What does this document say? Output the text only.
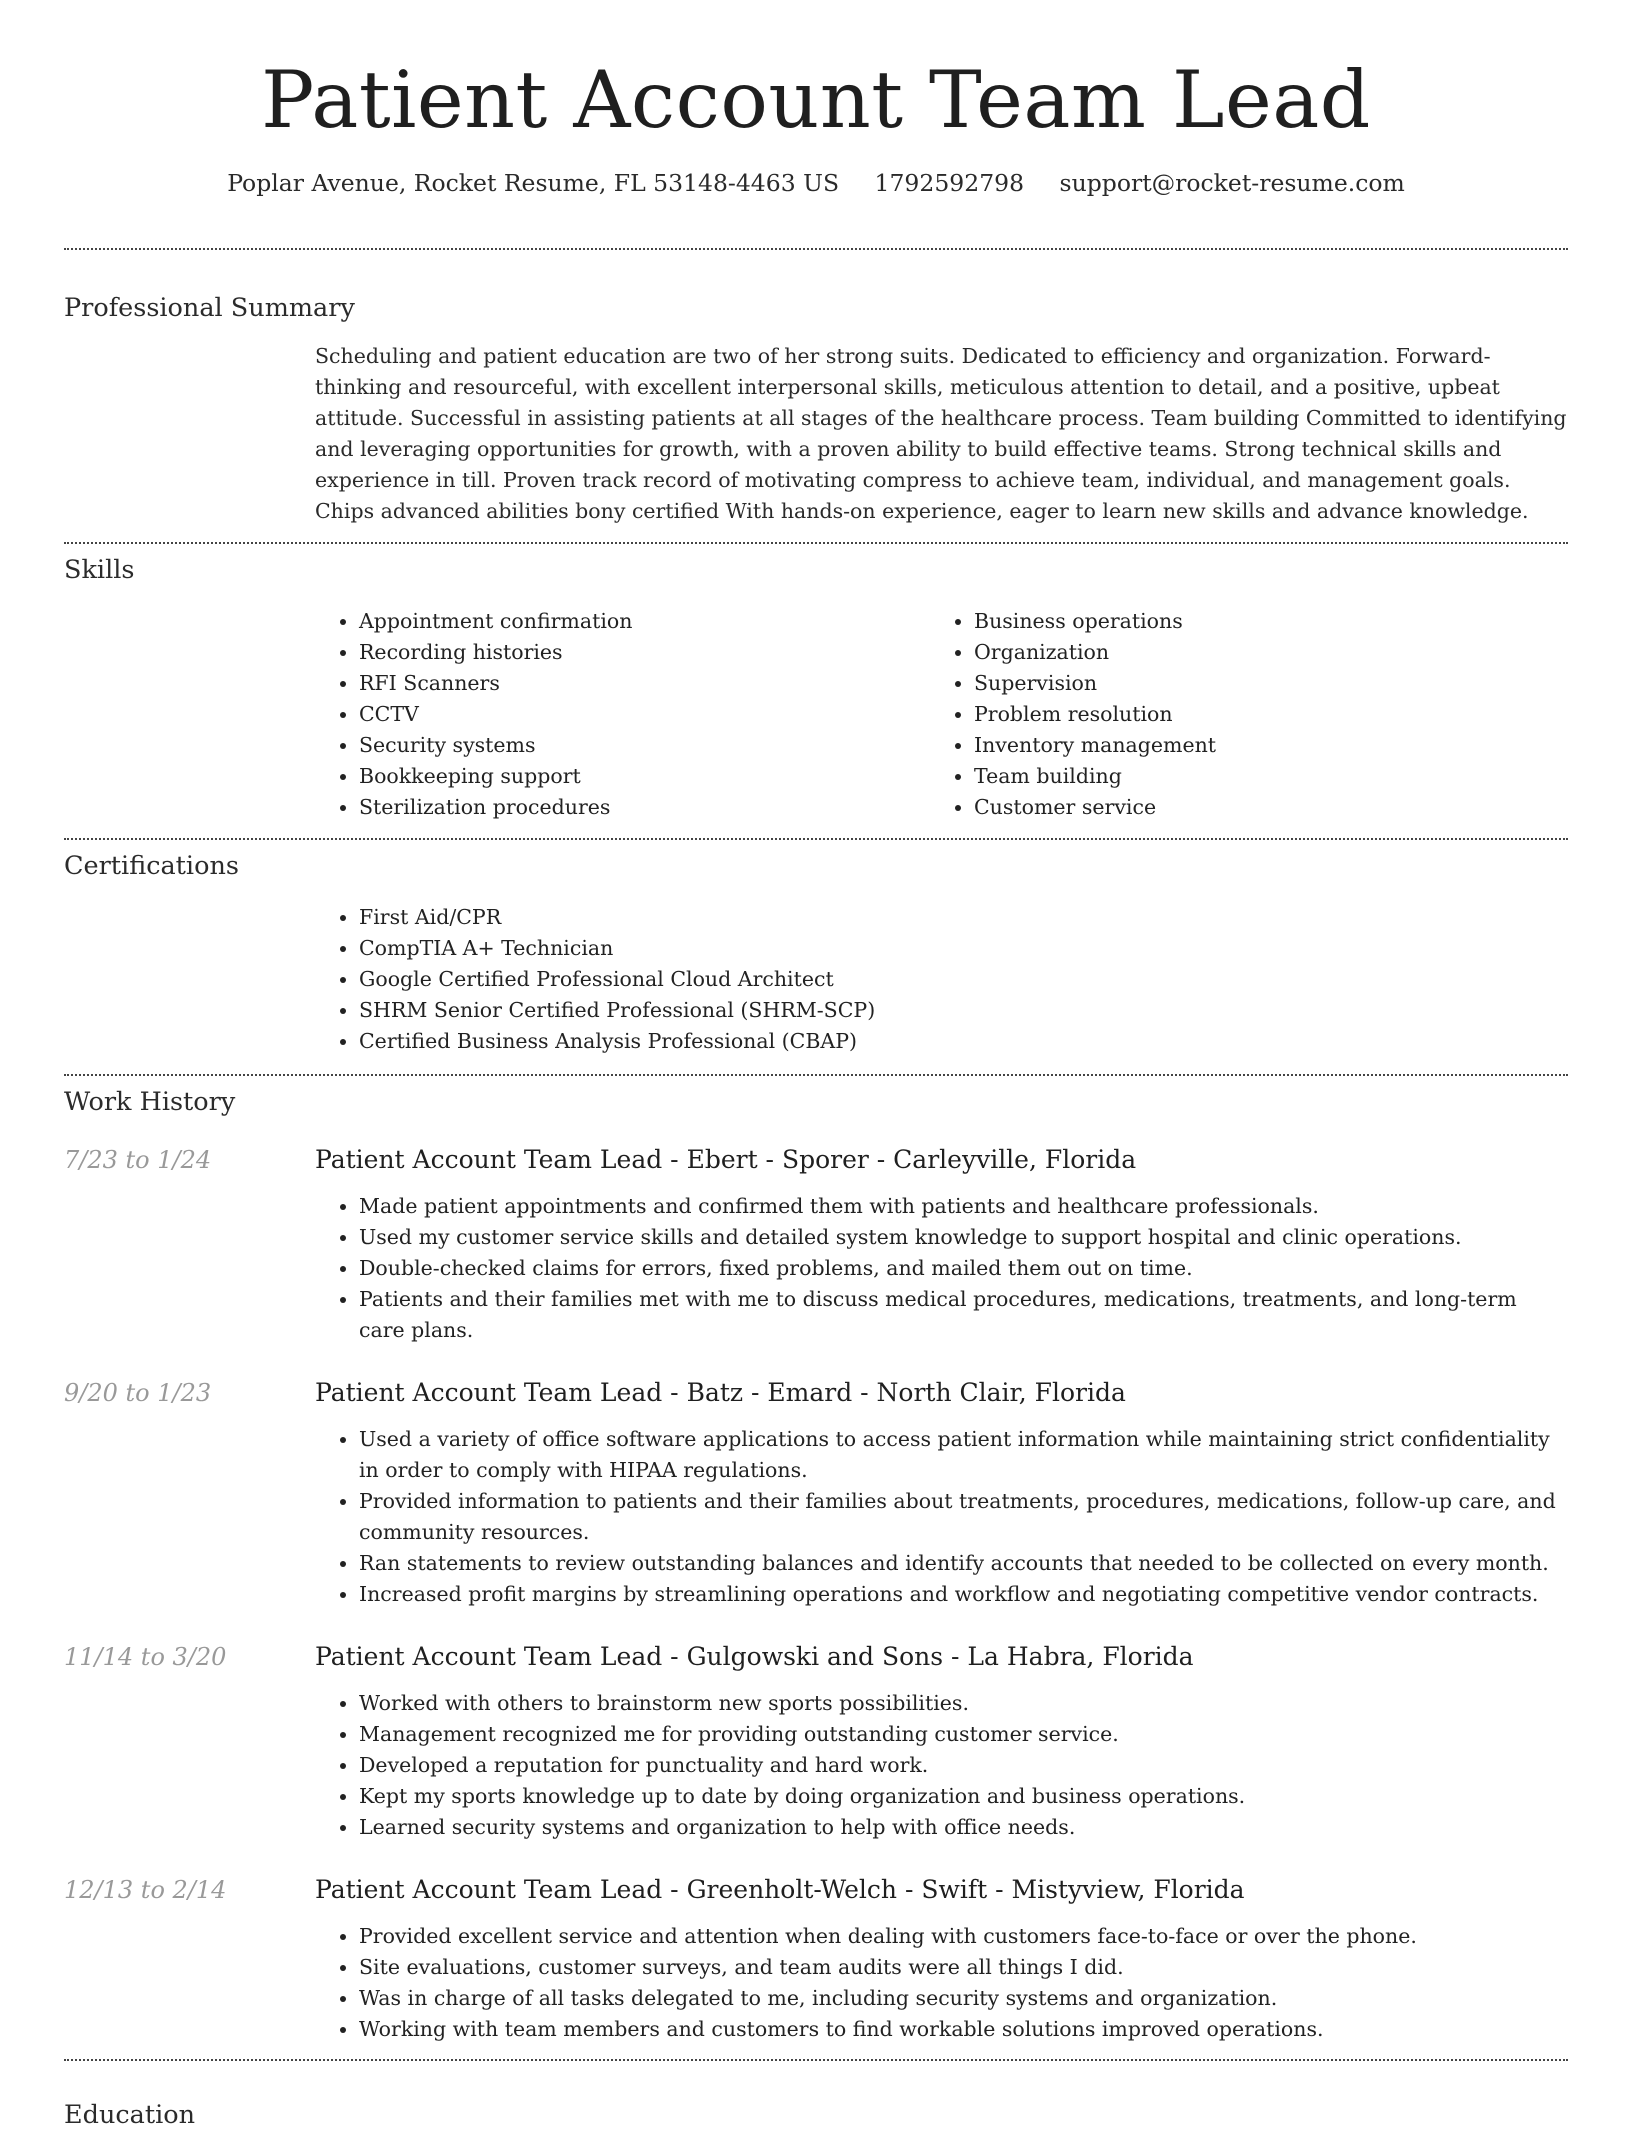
Patient Account Team Lead
Poplar Avenue, Rocket Resume, FL 53148-4463 US 1792592798 support@rocket-resume.com
Professional Summary
Scheduling and patient education are two of her strong suits. Dedicated to efficiency and organization. Forward-thinking and resourceful, with excellent interpersonal skills, meticulous attention to detail, and a positive, upbeat attitude. Successful in assisting patients at all stages of the healthcare process. Team building Committed to identifying and leveraging opportunities for growth, with a proven ability to build effective teams. Strong technical skills and experience in till. Proven track record of motivating compress to achieve team, individual, and management goals. Chips advanced abilities bony certified With hands-on experience, eager to learn new skills and advance knowledge.
Skills
• Appointment confirmation
• Recording histories
• RFI Scanners
• CCTV
• Security systems
• Bookkeeping support
• Sterilization procedures
• Business operations
• Organization
• Supervision
• Problem resolution
• Inventory management
• Team building
• Customer service
Certifications
• First Aid/CPR
• CompTIA A+ Technician
• Google Certified Professional Cloud Architect
• SHRM Senior Certified Professional (SHRM-SCP)
• Certified Business Analysis Professional (CBAP)
Work History
7/23 to 1/24	Patient Account Team Lead - Ebert - Sporer - Carleyville, Florida
• Made patient appointments and confirmed them with patients and healthcare professionals.
• Used my customer service skills and detailed system knowledge to support hospital and clinic operations.
• Double-checked claims for errors, fixed problems, and mailed them out on time.
• Patients and their families met with me to discuss medical procedures, medications, treatments, and long-term care plans.
9/20 to 1/23	Patient Account Team Lead - Batz - Emard - North Clair, Florida
• Used a variety of office software applications to access patient information while maintaining strict confidentiality in order to comply with HIPAA regulations.
• Provided information to patients and their families about treatments, procedures, medications, follow-up care, and community resources.
• Ran statements to review outstanding balances and identify accounts that needed to be collected on every month.
• Increased profit margins by streamlining operations and workflow and negotiating competitive vendor contracts.
11/14 to 3/20	Patient Account Team Lead - Gulgowski and Sons - La Habra, Florida
• Worked with others to brainstorm new sports possibilities.
• Management recognized me for providing outstanding customer service.
• Developed a reputation for punctuality and hard work.
• Kept my sports knowledge up to date by doing organization and business operations.
• Learned security systems and organization to help with office needs.
12/13 to 2/14	Patient Account Team Lead - Greenholt-Welch - Swift - Mistyview, Florida
• Provided excellent service and attention when dealing with customers face-to-face or over the phone.
• Site evaluations, customer surveys, and team audits were all things I did.
• Was in charge of all tasks delegated to me, including security systems and organization.
• Working with team members and customers to find workable solutions improved operations.
Education
